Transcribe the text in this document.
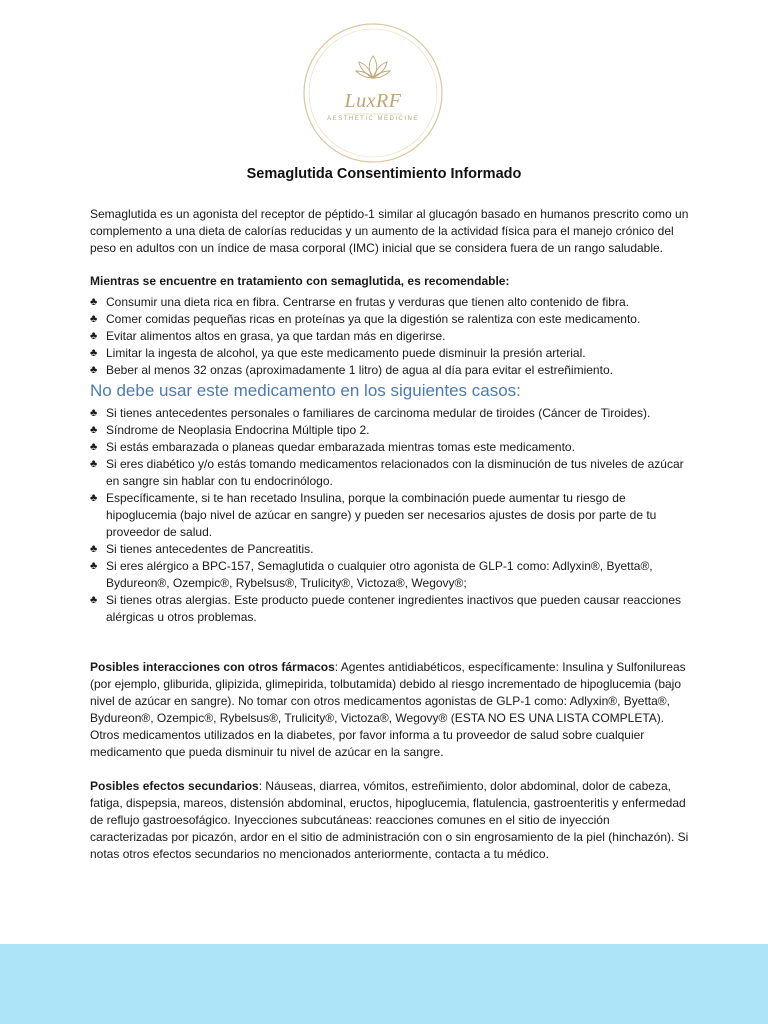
LuxRF
AESTHETIC MEDICINE
Semaglutida Consentimiento Informado

Semaglutida es un agonista del receptor de péptido-1 similar al glucagón basado en humanos prescrito como un complemento a una dieta de calorías reducidas y un aumento de la actividad física para el manejo crónico del peso en adultos con un índice de masa corporal (IMC) inicial que se considera fuera de un rango saludable.

Mientras se encuentre en tratamiento con semaglutida, es recomendable:

♣ Consumir una dieta rica en fibra. Centrarse en frutas y verduras que tienen alto contenido de fibra.
♣ Comer comidas pequeñas ricas en proteínas ya que la digestión se ralentiza con este medicamento.
♣ Evitar alimentos altos en grasa, ya que tardan más en digerirse.
♣ Limitar la ingesta de alcohol, ya que este medicamento puede disminuir la presión arterial.
♣ Beber al menos 32 onzas (aproximadamente 1 litro) de agua al día para evitar el estreñimiento.

No debe usar este medicamento en los siguientes casos:

♣ Si tienes antecedentes personales o familiares de carcinoma medular de tiroides (Cáncer de Tiroides).
♣ Síndrome de Neoplasia Endocrina Múltiple tipo 2.
♣ Si estás embarazada o planeas quedar embarazada mientras tomas este medicamento.
♣ Si eres diabético y/o estás tomando medicamentos relacionados con la disminución de tus niveles de azúcar en sangre sin hablar con tu endocrinólogo.
♣ Específicamente, si te han recetado Insulina, porque la combinación puede aumentar tu riesgo de hipoglucemia (bajo nivel de azúcar en sangre) y pueden ser necesarios ajustes de dosis por parte de tu proveedor de salud.
♣ Si tienes antecedentes de Pancreatitis.
♣ Si eres alérgico a BPC-157, Semaglutida o cualquier otro agonista de GLP-1 como: Adlyxin®, Byetta®, Bydureon®, Ozempic®, Rybelsus®, Trulicity®, Victoza®, Wegovy®;
♣ Si tienes otras alergias. Este producto puede contener ingredientes inactivos que pueden causar reacciones alérgicas u otros problemas.

Posibles interacciones con otros fármacos: Agentes antidiabéticos, específicamente: Insulina y Sulfonilureas (por ejemplo, gliburida, glipizida, glimepirida, tolbutamida) debido al riesgo incrementado de hipoglucemia (bajo nivel de azúcar en sangre). No tomar con otros medicamentos agonistas de GLP-1 como: Adlyxin®, Byetta®, Bydureon®, Ozempic®, Rybelsus®, Trulicity®, Victoza®, Wegovy® (ESTA NO ES UNA LISTA COMPLETA). Otros medicamentos utilizados en la diabetes, por favor informa a tu proveedor de salud sobre cualquier medicamento que pueda disminuir tu nivel de azúcar en la sangre.

Posibles efectos secundarios: Náuseas, diarrea, vómitos, estreñimiento, dolor abdominal, dolor de cabeza, fatiga, dispepsia, mareos, distensión abdominal, eructos, hipoglucemia, flatulencia, gastroenteritis y enfermedad de reflujo gastroesofágico. Inyecciones subcutáneas: reacciones comunes en el sitio de inyección caracterizadas por picazón, ardor en el sitio de administración con o sin engrosamiento de la piel (hinchazón). Si notas otros efectos secundarios no mencionados anteriormente, contacta a tu médico.
